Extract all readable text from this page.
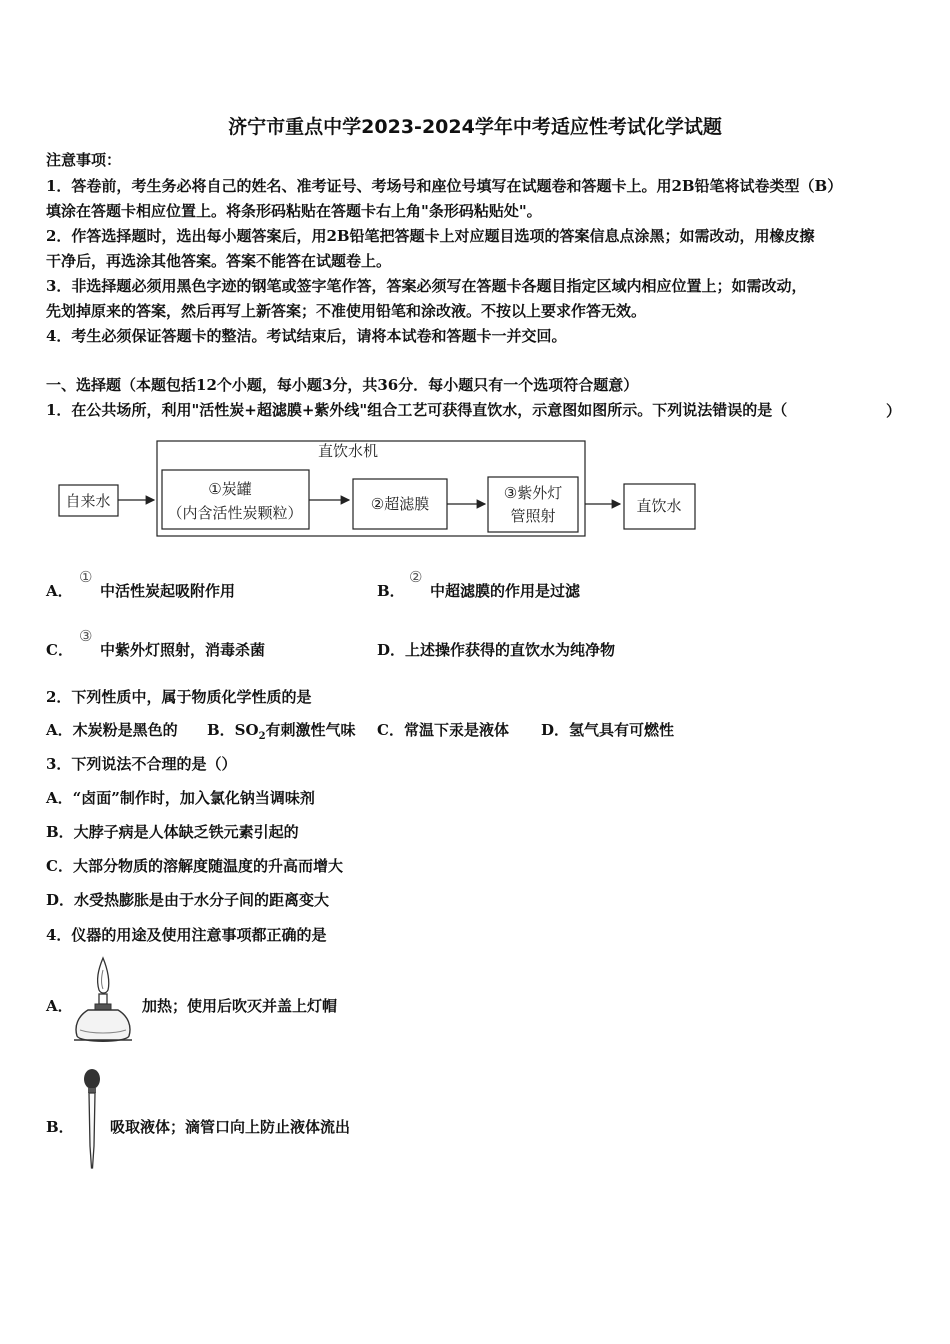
济宁市重点中学2023-2024学年中考适应性考试化学试题
注意事项：
1．答卷前，考生务必将自己的姓名、准考证号、考场号和座位号填写在试题卷和答题卡上。用2B铅笔将试卷类型（B）
填涂在答题卡相应位置上。将条形码粘贴在答题卡右上角"条形码粘贴处"。
2．作答选择题时，选出每小题答案后，用2B铅笔把答题卡上对应题目选项的答案信息点涂黑；如需改动，用橡皮擦
干净后，再选涂其他答案。答案不能答在试题卷上。
3．非选择题必须用黑色字迹的钢笔或签字笔作答，答案必须写在答题卡各题目指定区域内相应位置上；如需改动，
先划掉原来的答案，然后再写上新答案；不准使用铅笔和涂改液。不按以上要求作答无效。
4．考生必须保证答题卡的整洁。考试结束后，请将本试卷和答题卡一并交回。
一、选择题（本题包括12个小题，每小题3分，共36分．每小题只有一个选项符合题意）
1．在公共场所，利用"活性炭+超滤膜+紫外线"组合工艺可获得直饮水，示意图如图所示。下列说法错误的是（	）
直饮水机
自来水
①炭罐
（内含活性炭颗粒）	②超滤膜
③紫外灯
管照射
直饮水
A．
①
中活性炭起吸附作用	B．
②
中超滤膜的作用是过滤
C．
③
中紫外灯照射，消毒杀菌	D．上述操作获得的直饮水为纯净物
2．下列性质中，属于物质化学性质的是
A．木炭粉是黑色的 B．$SO_2$有刺激性气味 C．常温下汞是液体 D．氢气具有可燃性
3．下列说法不合理的是（）
A．“卤面”制作时，加入氯化钠当调味剂
B．大脖子病是人体缺乏铁元素引起的
C．大部分物质的溶解度随温度的升高而增大
D．水受热膨胀是由于水分子间的距离变大
4．仪器的用途及使用注意事项都正确的是
A．	加热；使用后吹灭并盖上灯帽
B． 吸取液体；滴管口向上防止液体流出
